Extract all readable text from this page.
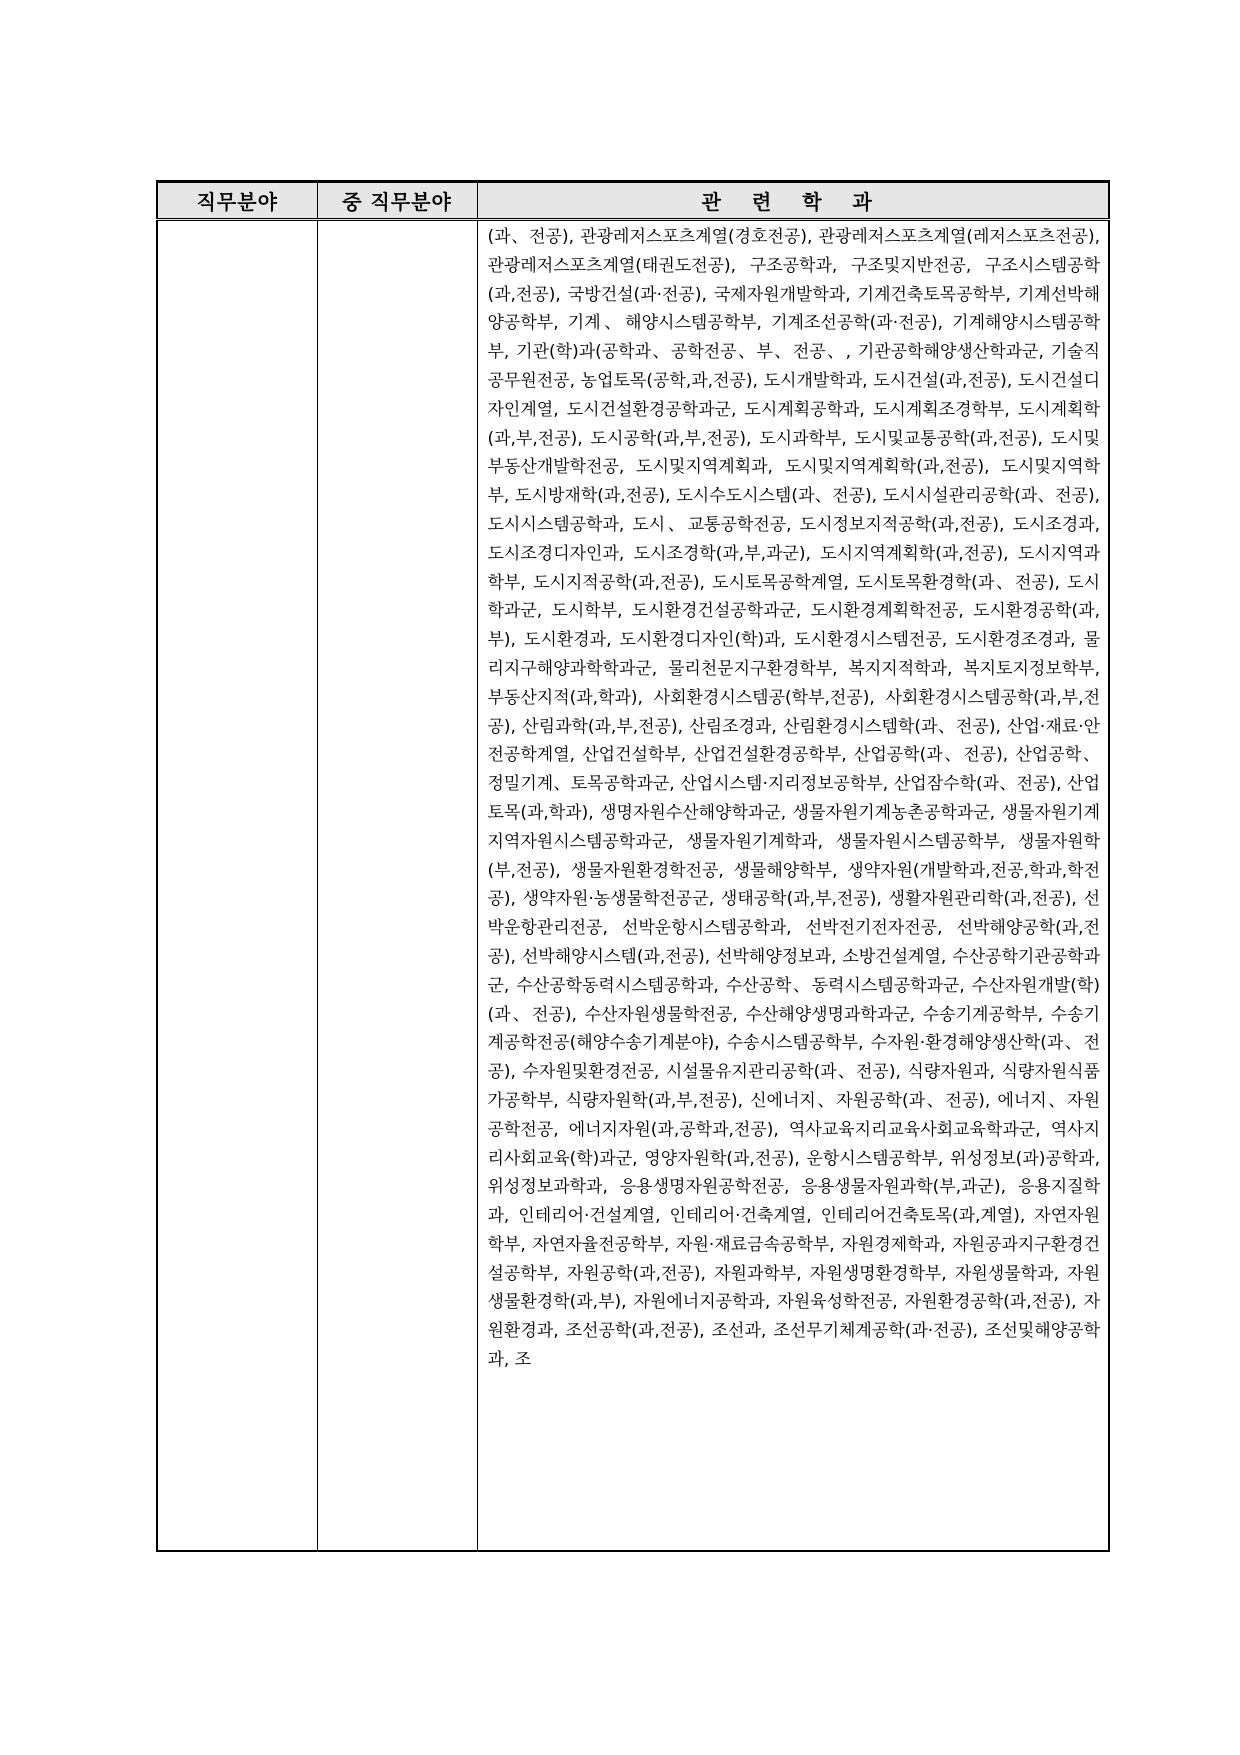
직무분야	중 직무분야	관 련 학 과

		(과、전공), 관광레저스포츠계열(경호전공), 관광레저스포츠계열(레저스포츠전공), 관광레저스포츠계열(태권도전공), 구조공학과, 구조및지반전공, 구조시스템공학(과,전공), 국방건설(과·전공), 국제자원개발학과, 기계건축토목공학부, 기계선박해양공학부, 기계、해양시스템공학부, 기계조선공학(과·전공), 기계해양시스템공학부, 기관(학)과(공학과、공학전공、부、전공、, 기관공학해양생산학과군, 기술직공무원전공, 농업토목(공학,과,전공), 도시개발학과, 도시건설(과,전공), 도시건설디자인계열, 도시건설환경공학과군, 도시계획공학과, 도시계획조경학부, 도시계획학(과,부,전공), 도시공학(과,부,전공), 도시과학부, 도시및교통공학(과,전공), 도시및부동산개발학전공, 도시및지역계획과, 도시및지역계획학(과,전공), 도시및지역학부, 도시방재학(과,전공), 도시수도시스템(과、전공), 도시시설관리공학(과、전공), 도시시스템공학과, 도시、교통공학전공, 도시정보지적공학(과,전공), 도시조경과, 도시조경디자인과, 도시조경학(과,부,과군), 도시지역계획학(과,전공), 도시지역과학부, 도시지적공학(과,전공), 도시토목공학계열, 도시토목환경학(과、전공), 도시학과군, 도시학부, 도시환경건설공학과군, 도시환경계획학전공, 도시환경공학(과,부), 도시환경과, 도시환경디자인(학)과, 도시환경시스템전공, 도시환경조경과, 물리지구해양과학학과군, 물리천문지구환경학부, 복지지적학과, 복지토지정보학부, 부동산지적(과,학과), 사회환경시스템공(학부,전공), 사회환경시스템공학(과,부,전공), 산림과학(과,부,전공), 산림조경과, 산림환경시스템학(과、전공), 산업·재료·안전공학계열, 산업건설학부, 산업건설환경공학부, 산업공학(과、전공), 산업공학、정밀기계、토목공학과군, 산업시스템·지리정보공학부, 산업잠수학(과、전공), 산업토목(과,학과), 생명자원수산해양학과군, 생물자원기계농촌공학과군, 생물자원기계지역자원시스템공학과군, 생물자원기계학과, 생물자원시스템공학부, 생물자원학(부,전공), 생물자원환경학전공, 생물해양학부, 생약자원(개발학과,전공,학과,학전공), 생약자원·농생물학전공군, 생태공학(과,부,전공), 생활자원관리학(과,전공), 선박운항관리전공, 선박운항시스템공학과, 선박전기전자전공, 선박해양공학(과,전공), 선박해양시스템(과,전공), 선박해양정보과, 소방건설계열, 수산공학기관공학과군, 수산공학동력시스템공학과, 수산공학、동력시스템공학과군, 수산자원개발(학)(과、전공), 수산자원생물학전공, 수산해양생명과학과군, 수송기계공학부, 수송기계공학전공(해양수송기계분야), 수송시스템공학부, 수자원·환경해양생산학(과、전공), 수자원및환경전공, 시설물유지관리공학(과、전공), 식량자원과, 식량자원식품가공학부, 식량자원학(과,부,전공), 신에너지、자원공학(과、전공), 에너지、자원공학전공, 에너지자원(과,공학과,전공), 역사교육지리교육사회교육학과군, 역사지리사회교육(학)과군, 영양자원학(과,전공), 운항시스템공학부, 위성정보(과)공학과, 위성정보과학과, 응용생명자원공학전공, 응용생물자원과학(부,과군), 응용지질학과, 인테리어·건설계열, 인테리어·건축계열, 인테리어건축토목(과,계열), 자연자원학부, 자연자율전공학부, 자원·재료금속공학부, 자원경제학과, 자원공과지구환경건설공학부, 자원공학(과,전공), 자원과학부, 자원생명환경학부, 자원생물학과, 자원생물환경학(과,부), 자원에너지공학과, 자원육성학전공, 자원환경공학(과,전공), 자원환경과, 조선공학(과,전공), 조선과, 조선무기체계공학(과·전공), 조선및해양공학과, 조
